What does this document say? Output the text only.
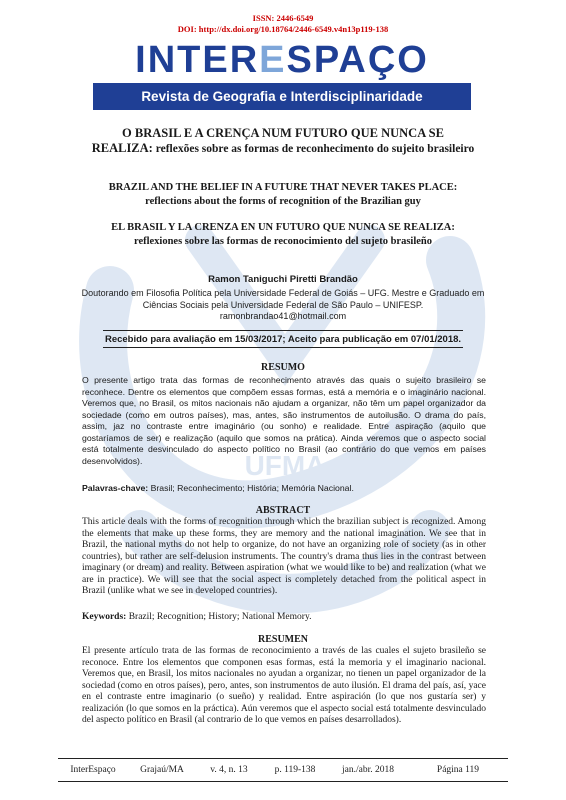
UFMA
ISSN: 2446-6549
DOI: http://dx.doi.org/10.18764/2446-6549.v4n13p119-138
INTERESPAÇO
Revista de Geografia e Interdisciplinaridade
O BRASIL E A CRENÇA NUM FUTURO QUE NUNCA SE
REALIZA: reflexões sobre as formas de reconhecimento do sujeito brasileiro
BRAZIL AND THE BELIEF IN A FUTURE THAT NEVER TAKES PLACE:
reflections about the forms of recognition of the Brazilian guy
EL BRASIL Y LA CRENZA EN UN FUTURO QUE NUNCA SE REALIZA:
reflexiones sobre las formas de reconocimiento del sujeto brasileño
Ramon Taniguchi Piretti Brandão
Doutorando em Filosofia Política pela Universidade Federal de Goiás – UFG. Mestre e Graduado em Ciências Sociais pela Universidade Federal de São Paulo – UNIFESP.
ramonbrandao41@hotmail.com
Recebido para avaliação em 15/03/2017; Aceito para publicação em 07/01/2018.
RESUMO
O presente artigo trata das formas de reconhecimento através das quais o sujeito brasileiro se reconhece. Dentre os elementos que compõem essas formas, está a memória e o imaginário nacional. Veremos que, no Brasil, os mitos nacionais não ajudam a organizar, não têm um papel organizador da sociedade (como em outros países), mas, antes, são instrumentos de autoilusão. O drama do país, assim, jaz no contraste entre imaginário (ou sonho) e realidade. Entre aspiração (aquilo que gostaríamos de ser) e realização (aquilo que somos na prática). Ainda veremos que o aspecto social está totalmente desvinculado do aspecto político no Brasil (ao contrário do que vemos em países desenvolvidos).
Palavras-chave: Brasil; Reconhecimento; História; Memória Nacional.
ABSTRACT
This article deals with the forms of recognition through which the brazilian subject is recognized. Among the elements that make up these forms, they are memory and the national imagination. We see that in Brazil, the national myths do not help to organize, do not have an organizing role of society (as in other countries), but rather are self-delusion instruments. The country's drama thus lies in the contrast between imaginary (or dream) and reality. Between aspiration (what we would like to be) and realization (what we are in practice). We will see that the social aspect is completely detached from the political aspect in Brazil (unlike what we see in developed countries).
Keywords: Brazil; Recognition; History; National Memory.
RESUMEN
El presente artículo trata de las formas de reconocimiento a través de las cuales el sujeto brasileño se reconoce. Entre los elementos que componen esas formas, está la memoria y el imaginario nacional. Veremos que, en Brasil, los mitos nacionales no ayudan a organizar, no tienen un papel organizador de la sociedad (como en otros países), pero, antes, son instrumentos de auto ilusión. El drama del país, así, yace en el contraste entre imaginario (o sueño) y realidad. Entre aspiración (lo que nos gustaría ser) y realización (lo que somos en la práctica). Aún veremos que el aspecto social está totalmente desvinculado del aspecto político en Brasil (al contrario de lo que vemos en países desarrollados).
InterEspaço	Grajaú/MA	v. 4, n. 13	p. 119-138	jan./abr. 2018	Página 119
